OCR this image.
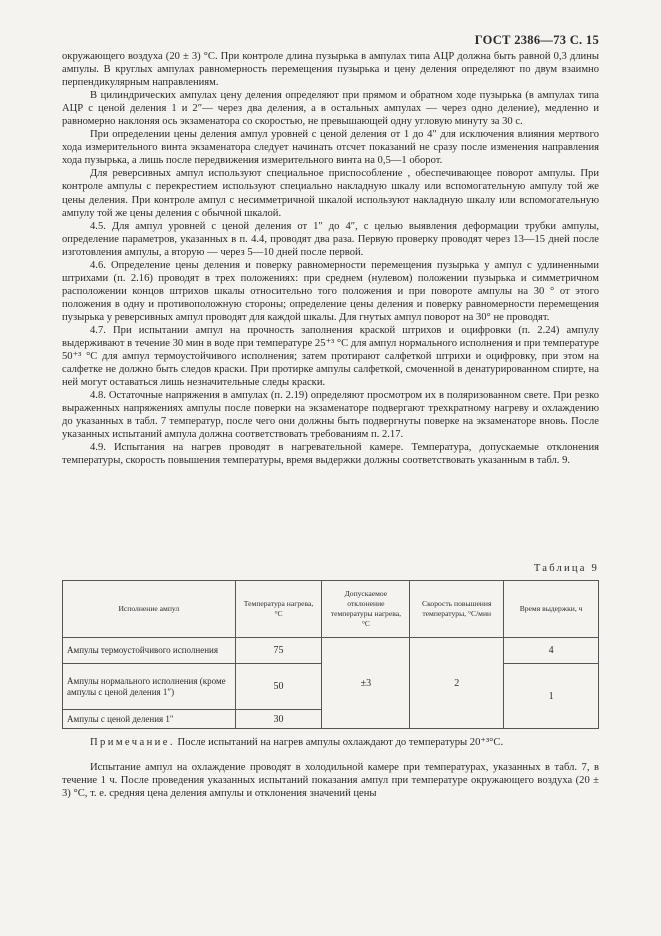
ГОСТ 2386—73 С. 15

окружающего воздуха (20 ± 3) °С. При контроле длина пузырька в ампулах типа АЦР должна быть равной 0,3 длины ампулы. В круглых ампулах равномерность перемещения пузырька и цену деления определяют по двум взаимно перпендикулярным направлениям.

В цилиндрических ампулах цену деления определяют при прямом и обратном ходе пузырька (в ампулах типа АЦР с ценой деления 1 и 2″— через два деления, а в остальных ампулах — через одно деление), медленно и равномерно наклоняя ось экзаменатора со скоростью, не превышающей одну угловую минуту за 30 с.

При определении цены деления ампул уровней с ценой деления от 1 до 4″ для исключения влияния мертвого хода измерительного винта экзаменатора следует начинать отсчет показаний не сразу после изменения направления хода пузырька, а лишь после передвижения измерительного винта на 0,5—1 оборот.

Для реверсивных ампул используют специальное приспособление , обеспечивающее поворот ампулы. При контроле ампулы с перекрестием используют специально накладную шкалу или вспомогательную ампулу той же цены деления. При контроле ампул с несимметричной шкалой используют накладную шкалу или вспомогательную ампулу той же цены деления с обычной шкалой.

4.5. Для ампул уровней с ценой деления от 1″ до 4″, с целью выявления деформации трубки ампулы, определение параметров, указанных в п. 4.4, проводят два раза. Первую проверку проводят через 13—15 дней после изготовления ампулы, а вторую — через 5—10 дней после первой.

4.6. Определение цены деления и поверку равномерности перемещения пузырька у ампул с удлиненными штрихами (п. 2.16) проводят в трех положениях: при среднем (нулевом) положении пузырька и симметричном расположении концов штрихов шкалы относительно того положения и при повороте ампулы на 30 ° от этого положения в одну и противоположную стороны; определение цены деления и поверку равномерности перемещения пузырька у реверсивных ампул проводят для каждой шкалы. Для гнутых ампул поворот на 30° не проводят.

4.7. При испытании ампул на прочность заполнения краской штрихов и оцифровки (п. 2.24) ампулу выдерживают в течение 30 мин в воде при температуре 25⁺³ °С для ампул нормального исполнения и при температуре 50⁺³ °С для ампул термоустойчивого исполнения; затем протирают салфеткой штрихи и оцифровку, при этом на салфетке не должно быть следов краски. При протирке ампулы салфеткой, смоченной в денатурированном спирте, на ней могут оставаться лишь незначительные следы краски.

4.8. Остаточные напряжения в ампулах (п. 2.19) определяют просмотром их в поляризованном свете. При резко выраженных напряжениях ампулы после поверки на экзаменаторе подвергают трехкратному нагреву и охлаждению до указанных в табл. 7 температур, после чего они должны быть подвергнуты поверке на экзаменаторе вновь. После указанных испытаний ампула должна соответствовать требованиям п. 2.17.

4.9. Испытания на нагрев проводят в нагревательной камере. Температура, допускаемые отклонения температуры, скорость повышения температуры, время выдержки должны соответствовать указанным в табл. 9.

Таблица 9
Исполнение ампул	Температура нагрева, °С	Допускаемое отклонение температуры нагрева, °С	Скорость повышения температуры, °С/мин	Время выдержки, ч
Ампулы термоустойчивого исполнения	75	±3	2	4
Ампулы нормального исполнения (кроме ампулы с ценой деления 1″)	50			1
Ампулы с ценой деления 1″	30			
Примечание. После испытаний на нагрев ампулы охлаждают до температуры 20⁺³°С.

Испытание ампул на охлаждение проводят в холодильной камере при температурах, указанных в табл. 7, в течение 1 ч. После проведения указанных испытаний показания ампул при температуре окружающего воздуха (20 ± 3) °С, т. е. средняя цена деления ампулы и отклонения значений цены
